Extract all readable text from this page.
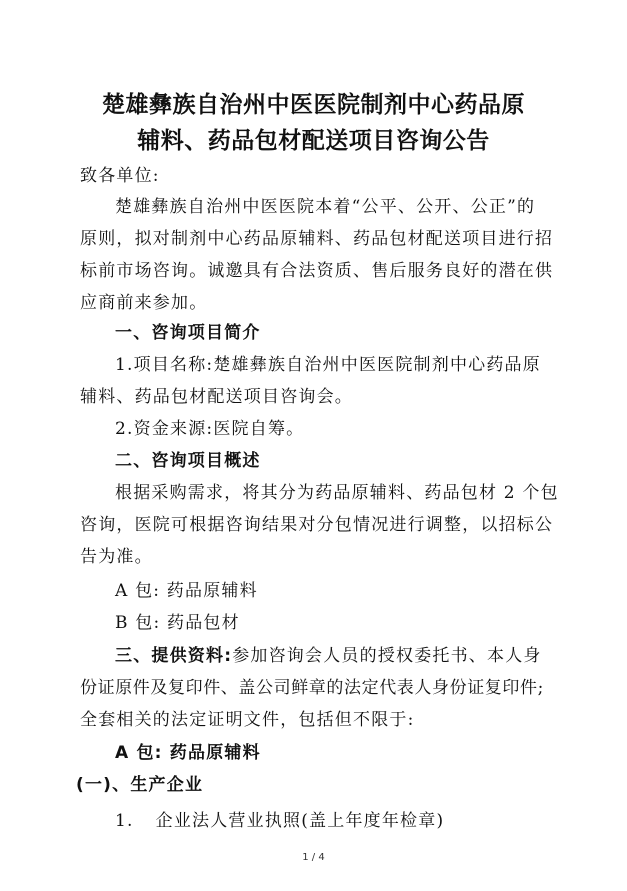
楚雄彝族自治州中医医院制剂中心药品原
辅料、药品包材配送项目咨询公告
致各单位:
楚雄彝族自治州中医医院本着“公平、公开、公正”的
原则，拟对制剂中心药品原辅料、药品包材配送项目进行招
标前市场咨询。诚邀具有合法资质、售后服务良好的潜在供
应商前来参加。
一、咨询项目简介
1.项目名称:楚雄彝族自治州中医医院制剂中心药品原
辅料、药品包材配送项目咨询会。
2.资金来源:医院自筹。
二、咨询项目概述
根据采购需求，将其分为药品原辅料、药品包材 2 个包
咨询，医院可根据咨询结果对分包情况进行调整，以招标公
告为准。
A 包: 药品原辅料
B 包: 药品包材
三、提供资料:参加咨询会人员的授权委托书、本人身
份证原件及复印件、盖公司鲜章的法定代表人身份证复印件;
全套相关的法定证明文件，包括但不限于:
A 包: 药品原辅料
(一)、生产企业
1. 企业法人营业执照(盖上年度年检章)
1 / 4
